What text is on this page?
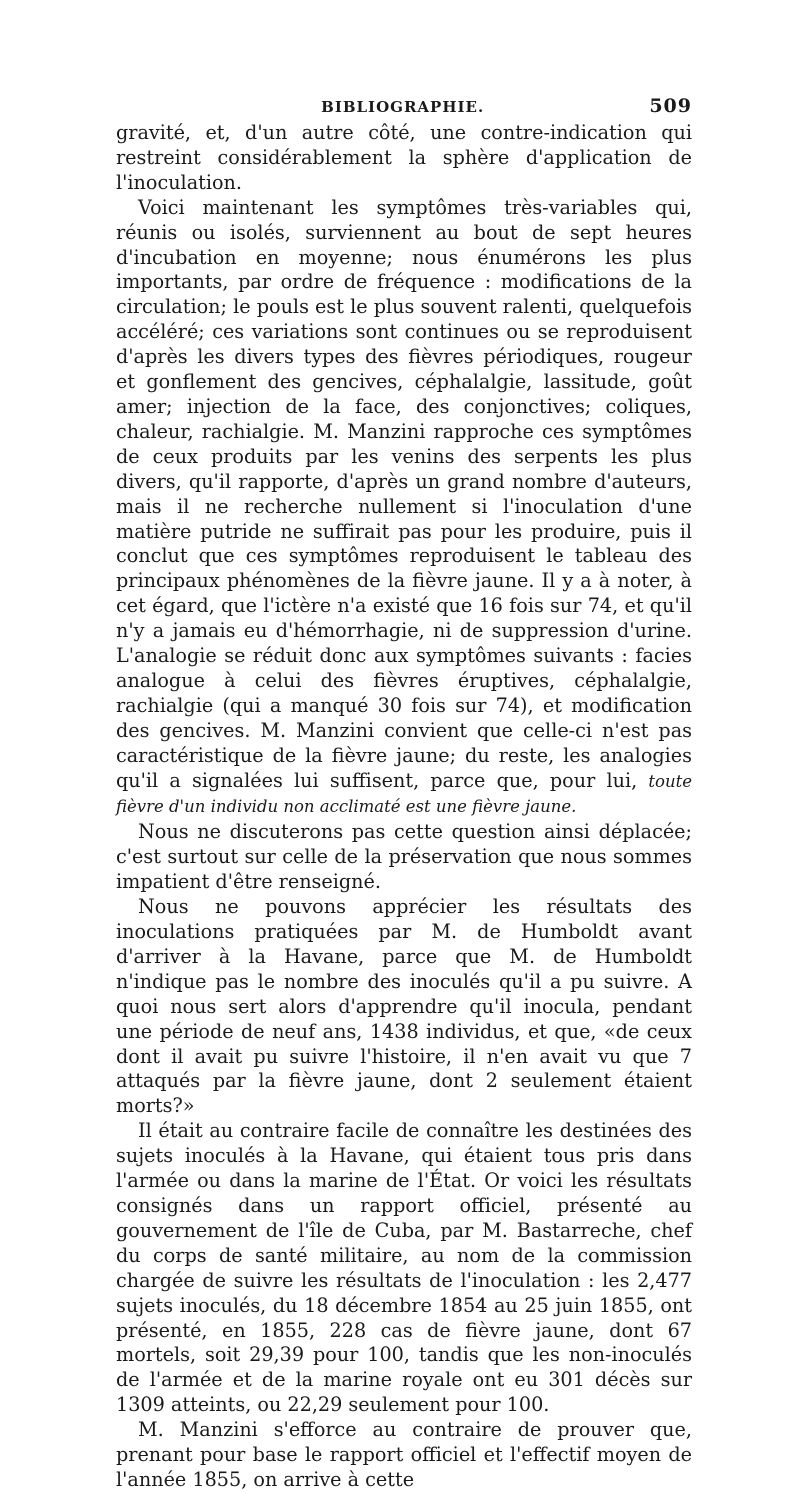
BIBLIOGRAPHIE.	509

gravité, et, d'un autre côté, une contre-indication qui restreint considérablement la sphère d'application de l'inoculation.

Voici maintenant les symptômes très-variables qui, réunis ou isolés, surviennent au bout de sept heures d'incubation en moyenne; nous énumérons les plus importants, par ordre de fréquence : modifications de la circulation; le pouls est le plus souvent ralenti, quelquefois accéléré; ces variations sont continues ou se reproduisent d'après les divers types des fièvres périodiques, rougeur et gonflement des gencives, céphalalgie, lassitude, goût amer; injection de la face, des conjonctives; coliques, chaleur, rachialgie. M. Manzini rapproche ces symptômes de ceux produits par les venins des serpents les plus divers, qu'il rapporte, d'après un grand nombre d'auteurs, mais il ne recherche nullement si l'inoculation d'une matière putride ne suffirait pas pour les produire, puis il conclut que ces symptômes reproduisent le tableau des principaux phénomènes de la fièvre jaune. Il y a à noter, à cet égard, que l'ictère n'a existé que 16 fois sur 74, et qu'il n'y a jamais eu d'hémorrhagie, ni de suppression d'urine. L'analogie se réduit donc aux symptômes suivants : facies analogue à celui des fièvres éruptives, céphalalgie, rachialgie (qui a manqué 30 fois sur 74), et modification des gencives. M. Manzini convient que celle-ci n'est pas caractéristique de la fièvre jaune; du reste, les analogies qu'il a signalées lui suffisent, parce que, pour lui, toute fièvre d'un individu non acclimaté est une fièvre jaune.

Nous ne discuterons pas cette question ainsi déplacée; c'est surtout sur celle de la préservation que nous sommes impatient d'être renseigné.

Nous ne pouvons apprécier les résultats des inoculations pratiquées par M. de Humboldt avant d'arriver à la Havane, parce que M. de Humboldt n'indique pas le nombre des inoculés qu'il a pu suivre. A quoi nous sert alors d'apprendre qu'il inocula, pendant une période de neuf ans, 1438 individus, et que, «de ceux dont il avait pu suivre l'histoire, il n'en avait vu que 7 attaqués par la fièvre jaune, dont 2 seulement étaient morts?»

Il était au contraire facile de connaître les destinées des sujets inoculés à la Havane, qui étaient tous pris dans l'armée ou dans la marine de l'État. Or voici les résultats consignés dans un rapport officiel, présenté au gouvernement de l'île de Cuba, par M. Bastarreche, chef du corps de santé militaire, au nom de la commission chargée de suivre les résultats de l'inoculation : les 2,477 sujets inoculés, du 18 décembre 1854 au 25 juin 1855, ont présenté, en 1855, 228 cas de fièvre jaune, dont 67 mortels, soit 29,39 pour 100, tandis que les non-inoculés de l'armée et de la marine royale ont eu 301 décès sur 1309 atteints, ou 22,29 seulement pour 100.

M. Manzini s'efforce au contraire de prouver que, prenant pour base le rapport officiel et l'effectif moyen de l'année 1855, on arrive à cette
